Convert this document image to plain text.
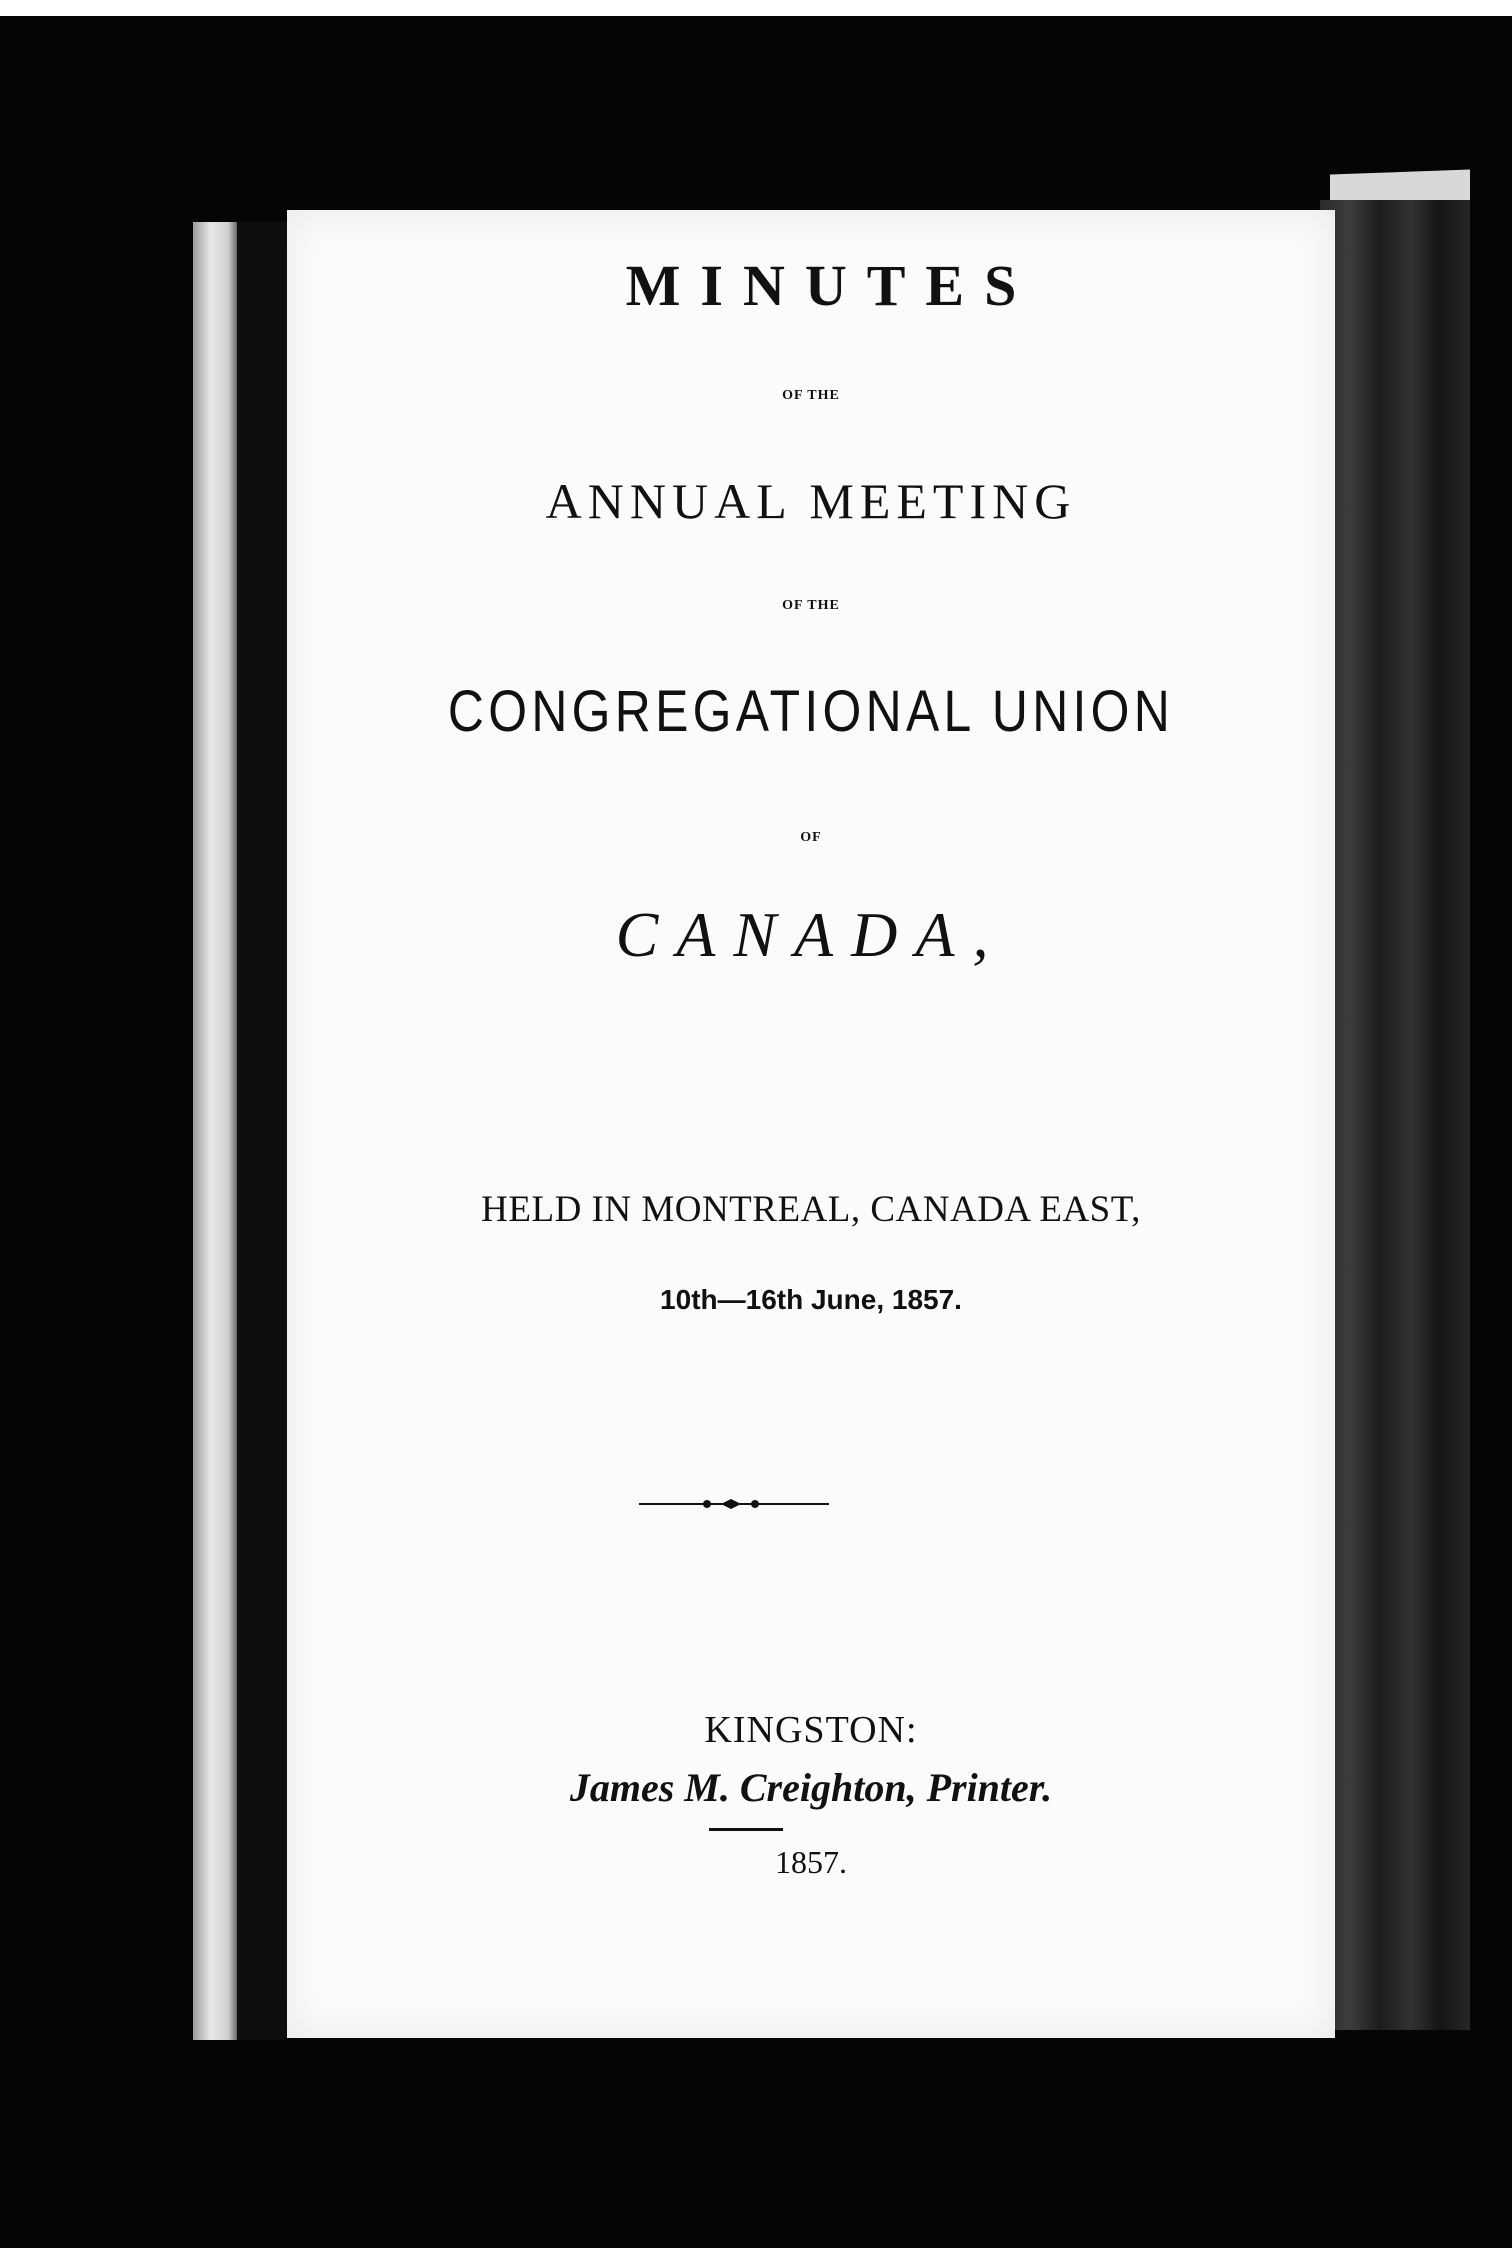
MINUTES
OF THE
ANNUAL MEETING
OF THE
CONGREGATIONAL UNION
OF
CANADA,
HELD IN MONTREAL, CANADA EAST,
10th—16th June, 1857.
KINGSTON:
James M. Creighton, Printer.
1857.
